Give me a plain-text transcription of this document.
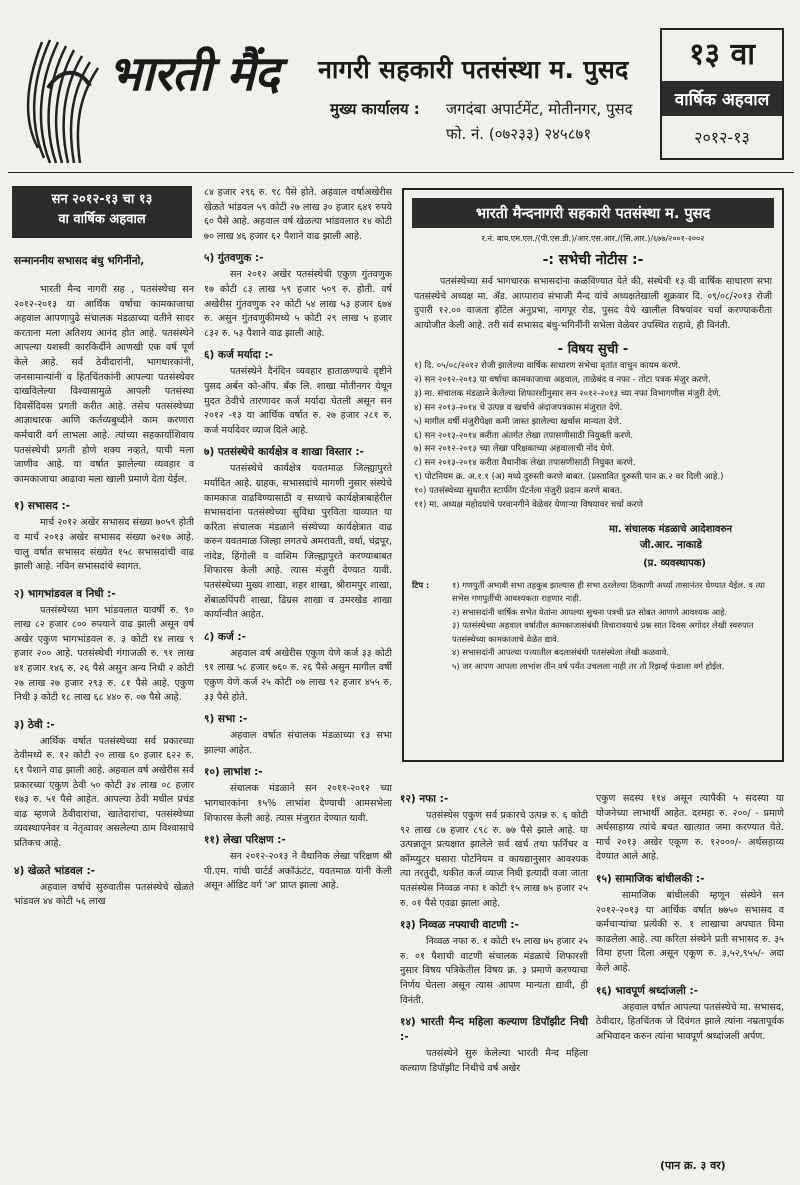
भारती मैंद	नागरी सहकारी पतसंस्था म. पुसद
मुख्य कार्यालय : जगदंबा अपार्टमेंट, मोतीनगर, पुसद
फो. नं. (०७२३३) २४५८७१
१३ वा
वार्षिक अहवाल
२०१२-१३
सन २०१२-१३ चा १३
वा वार्षिक अहवाल
सन्माननीय सभासद बंधु भगिनींनो,

भारती मैन्द नागरी सह , पतसंस्थेचा सन २०१२-२०१३ या आर्थिक वर्षाचा कामकाजाचा अहवाल आपणापुढे संचालक मंडळाच्या वतीने सादर करताना मला अतिशय आनंद होत आहे. पतसंस्थेने आपल्या यशस्वी कारकिर्दीने आणखी एक वर्ष पूर्ण केले आहे. सर्व ठेवीदारांनी, भागधारकांनी, जनसामान्यांनी व हितचिंतकांनी आपल्या पतसंस्थेवर दाखविलेल्या विश्वासामुळे आपली पतसंस्था दिवसेंदिवस प्रगती करीत आहे. तसेच पतसंस्थेच्या आज्ञाधारक आणि कर्तव्यबुध्दीने काम करणारा कर्मचारी वर्ग लाभला आहे. त्यांच्या सहकार्याशिवाय पतसंस्थेची प्रगती होणे शक्य नव्हते, याची मला जाणीव आहे. या वर्षात झालेल्या व्यवहार व कामकाजाचा आढावा मला खाली प्रमाणे देता येईल.

१) सभासद :-

मार्च २०१२ अखेर सभासद संख्या ७०५९ होती व मार्च २०१३ अखेर सभासद संख्या ७२१७ आहे. चालु वर्षात सभासद संख्येत १५८ सभासदांची वाढ झाली आहे. नविन सभासदांचे स्वागत.

२) भागभांडवल व निधी :-

पतसंस्थेच्या भाग भांडवलात यावर्षी रु. ९० लाख ८२ हजार ८०० रुपयाने वाढ झाली असून वर्ष अखेर एकुण भागभांडवल रु. ३ कोटी १४ लाख ९ हजार २०० आहे. पतसंस्थेची गंगाजळी रु. ९१ लाख ४१ हजार १४६ रु. २६ पैसे असुन अन्य निधी २ कोटी २७ लाख २७ हजार २९३ रु. ८१ पैसे आहे. एकुण निधी ३ कोटी १८ लाख ६८ ४४० रु. ०७ पैसे आहे.

३) ठेवी :-

आर्थिक वर्षात पतसंस्थेच्या सर्व प्रकारच्या ठेवीमध्ये रु. १२ कोटी २० लाख ६० हजार ६२२ रु. ६१ पैशाने वाढ झाली आहे. अहवाल वर्ष अखेरीस सर्व प्रकारच्या एकुण ठेवी ५० कोटी ३४ लाख ०८ हजार १७३ रु. ५१ पैसे आहेत. आपल्या ठेवी मधील प्रचंड वाढ म्हणजे ठेवीदारांचा, खातेदारांचा, पतसंस्थेच्या व्यवस्थापनेवर व नेतृत्वावर असलेल्या ठाम विश्वासाचे प्रतिकच आहे.

४) खेळते भांडवल :-

अहवाल वर्षाचे सुरुवातीस पतसंस्थेचे खेळते भांडवल ४४ कोटी ५६ लाख

८४ हजार २९६ रु. ९८ पैसे होते. अहवाल वर्षाअखेरीस खेळते भांडवल ५९ कोटी २७ लाख ३० हजार ६४१ रुपये ६० पैसे आहे. अहवाल वर्ष खेळत्या भांडवलात १४ कोटी ७० लाख ४६ हजार ६२ पैशाने वाढ झाली आहे.

५) गुंतवणुक :-

सन २०१२ अखेर पतसंस्थेची एकुण गुंतवणुक १७ कोटी ८३ लाख ५९ हजार ५०९ रु. होती. वर्ष अखेरीस गुंतवणुक २२ कोटी ५४ लाख ५३ हजार ६७४ रु. असुन गुंतवणुकीमध्ये ५ कोटी २९ लाख ५ हजार ८३२ रु. ५३ पैशाने वाढ झाली आहे.

६) कर्ज मर्यादा :-

पतसंस्थेने दैनंदिन व्यवहार हाताळण्याचे दृष्टीने पुसद अर्बन को-ऑप. बँक लि. शाखा मोतीनगर येथून मुदत ठेवीचे तारणावर कर्ज मर्यादा घेतली असून सन २०१२ -१३ या आर्थिक वर्षात रु. २७ हजार २८१ रु. कर्ज मर्यादेवर व्याज दिले आहे.

७) पतसंस्थेचे कार्यक्षेत्र व शाखा विस्तार :-

पतसंस्थेचे कार्यक्षेत्र यवतमाळ जिल्ह्यापुरते मर्यादित आहे. ग्राहक, सभासदांचे मागणी नुसार संस्थेचे कामकाज वाढविण्यासाठी व सध्याचे कार्यक्षेत्राबाहेरील सभासदांना पतसंस्थेच्या सुविधा पुरविता याव्यात या करिता संचालक मंडळाने संस्थेच्या कार्यक्षेत्रात वाढ करुन यवतमाळ जिल्हा लगतचे अमरावती, वर्धा, चंद्रपूर, नांदेड, हिंगोली व वाशिम जिल्ह्यापुरते करण्याबाबत शिफारस केली आहे. त्यास मंजुरी देण्यात यावी. पतसंस्थेच्या मुख्य शाखा, शहर शाखा, श्रीरामपुर शाखा, शेंबाळपिंपरी शाखा, ढिग्रस शाखा व उमरखेड शाखा कार्यान्वीत आहेत.

८) कर्ज :-

अहवाल वर्ष अखेरीस एकुण येणे कर्ज ३३ कोटी ९१ लाख ५८ हजार ७६० रु. २६ पैसे असुन मागील वर्षी एकुण येणे कर्ज २५ कोटी ०७ लाख ९२ हजार ४५५ रु. ३३ पैसे होते.

९) सभा :-

अहवाल वर्षात संचालक मंडळाच्या १३ सभा झाल्या आहेत.

१०) लाभांश :-

संचालक मंडळाने सन २०११-२०१२ च्या भागधारकांना १५% लाभांश देण्याची आमसभेला शिफारस केली आहे. त्यास मंजुरात देण्यात यावी.

११) लेखा परिक्षण :-

सन २०१२-२०१३ ने वैधानिक लेखा परिक्षण श्री पी.एम. गांधी चार्टर्ड अकॉऊंटंट, यवतमाळ यांनी केली असून ऑडिट वर्ग 'अ' प्राप्त झाला आहे.

भारती मैन्दनागरी सहकारी पतसंस्था म. पुसद
र.नं. बाय.एम.एल./(पी.एस.डी.)/आर.एस.आर./(सि.आर.)/६७७/२००१-२००२
-: सभेची नोटीस :-
पतसंस्थेच्या सर्व भागधारक सभासदांना कळविण्यात येते की, संस्थेची १३ वी वार्षिक साधारण सभा पतसंस्थेचे अध्यक्ष मा. ॲड. आप्पाराव संभाजी मैन्द यांचे अध्यक्षतेखाली शुक्रवार दि. ०९/०८/२०१३ रोजी दुपारी १२.०० वाजता हॉटेल अनुप्रभा, नागपूर रोड, पुसद येथे खालील विषयांवर चर्चा करण्याकरीता आयोजीत केली आहे. तरी सर्व सभासद बंधु-भगिनींनी सभेला वेळेवर उपस्थित राहावे, ही विनंती.
- विषय सुची -
१) दि. ०५/०८/२०१२ रोजी झालेल्या वार्षिक साधारण सभेचा वृतांत वाचुन कायम करणे.
२) सन २०१२-२०१३ या वर्षाचा कामकाजाचा अहवाल, ताळेबंद व नफा - तोटा पत्रक मंजुर करणे.
३) मा. संचालक मंडळाने केलेल्या शिफारशीनुसार सन २०१२-२०१३ च्या नफा विभागणीस मंजुरी देणे.
४) सन २०१३-२०१४ चे उत्पन्न व खर्चाचे अंदाजपत्रकास मंजुरात देणे.
५) मागील वर्षी मंजुरीपेक्षा कमी जास्त झालेल्या खर्चास मान्यता देणे.
६) सन २०१३-२०१४ करीता अंतर्गत लेखा तपासणीसाठी नियुक्ती करणे.
७) सन २०१२-२०१३ च्या लेखा परिक्षकाच्या अहवालाची नोंद घेणे.
८) सन २०१३-२०१४ करीता वैधानीक लेखा तपासणीसाठी नियुक्त करणे.
९) पोटनियम क्र. अ.१.१ (अ) मध्ये दुरुस्ती करणे बाबत. (प्रस्तावित दुरुस्ती पान क्र.२ वर दिली आहे.)
१०) पतसंस्थेच्या सुधारीत स्टाफींग पॅटर्नला मंजुरी प्रदान करणे बाबत.
११) मा. अध्यक्ष महोदयांचे परवानगीने वेळेवर येणाऱ्या विषयावर चर्चा करणे
मा. संचालक मंडळाचे आदेशावरुन
जी.आर. नाकाडे
(प्र. व्यवस्थापक)
टिप :	१) गणपुर्ती अभावी सभा तहकुब झाल्यास ही सभा ठरलेल्या ठिकाणी अर्ध्या तासानंतर घेण्यात येईल. व त्या सभेस गणपुर्तीची आवश्यकता राहणार नाही.
२) सभासदांनी वार्षिक सभेत येतांना आपल्या सुचना पत्रची प्रत सोबत आणणे आवश्यक आहे.
३) पतसंस्थेच्या अहवाल वर्षातील कामकाजासंबंधी विचारावयाचे प्रश्न सात दिवस अगोदर लेखी स्वरुपात पतसंस्थेच्या कामकाजाचे वेळेत द्यावे.
४) सभासदांनी आपल्या पत्त्यातील बदलासंबंधी पतसंस्थेला लेखी कळवावे.
५) जर आपण आपला लाभांश तीन वर्ष पर्यंत उचलला नाही तर तो रिझर्व्ह फंडाला वर्ग होईल.
१२) नफा :-

पतसंस्थेस एकुण सर्व प्रकारचे उत्पन्न रु. ६ कोटी ९२ लाख ८७ हजार ८९८ रु. ७७ पैसे झाले आहे. या उत्पन्नातून प्रत्यक्षात झालेले सर्व खर्च तथा फर्निचर व कॉम्प्युटर घसारा पोटनियम व कायद्यानुसार आवश्यक त्या तरतुदी, थकीत कर्ज व्याज निधी इत्यादी वजा जाता पतसंस्थेस निव्वळ नफा १ कोटी १५ लाख ७५ हजार २५ रु. ०१ पैसे एवढा झाला आहे.

१३) निव्वळ नफ्याची वाटणी :-

निव्वळ नफा रु. १ कोटी १५ लाख ७५ हजार २५ रु. ०१ पैशाची वाटणी संचालक मंडळाचे शिफारशी नुसार विषय पत्रिकेतील विषय क्र. ३ प्रमाणे करण्याचा निर्णय घेतला असून त्यास आपण मान्यता द्यावी, ही विनंती.

१४) भारती मैन्द महिला कल्याण डिपॉझीट निधी :-

पतसंस्थेने सुरु केलेल्या भारती मैन्द महिला कल्याण डिपॉझीट निधीचे वर्ष अखेर

एकुण सदस्य ११४ असून त्यापैकी ५ सदस्या या योजनेच्या लाभार्थी आहेत. दरमहा रु. २००/ - प्रमाणे अर्धसाहाय्य त्यांचे बचत खात्यात जमा करण्यात येते. मार्च २०१३ अखेर एकूण रु. १२०००/- अर्थसहाय्य देण्यात आले आहे.

१५) सामाजिक बांधीलकी :-

सामाजिक बांधीलकी म्हणून संस्थेने सन २०१२-२०१३ या आर्थिक वर्षात ७७५० सभासद व कर्मचाऱ्यांचा प्रत्येकी रु. १ लाखाचा अपघात विमा काढलेला आहे. त्या करिता संस्थेने प्रती सभासद रु. ३५ विमा हप्ता दिला असून एकूण रु. ३,५२,९५५/- अदा केले आहे.

१६) भावपूर्ण श्रध्दांजली :-

अहवाल वर्षात आपल्या पतसंस्थेचे मा. सभासद, ठेवीदार, हितचिंतक जे दिवंगत झाले त्यांना नम्रतापूर्वक अभिवादन करुन त्यांना भावपूर्ण श्रध्दांजली अर्पण.

(पान क्र. ३ वर)
